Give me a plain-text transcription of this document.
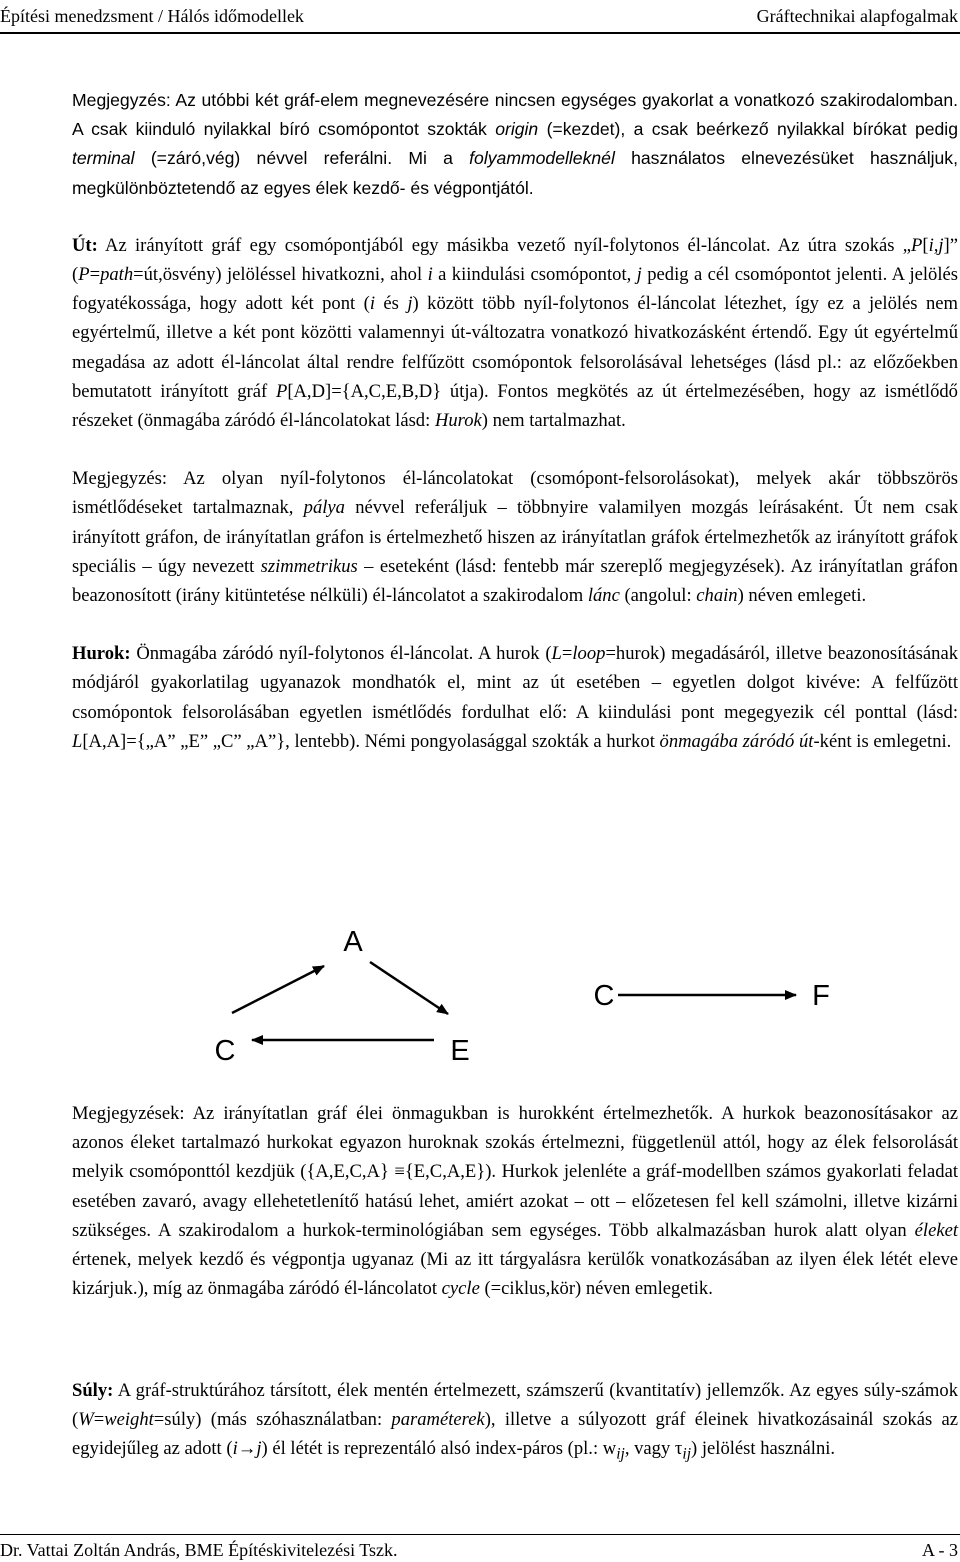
Építési menedzsment / Hálós időmodellek	Gráftechnikai alapfogalmak

Megjegyzés: Az utóbbi két gráf-elem megnevezésére nincsen egységes gyakorlat a vonatkozó szakirodalomban. A csak kiinduló nyilakkal bíró csomópontot szokták origin (=kezdet), a csak beérkező nyilakkal bírókat pedig terminal (=záró,vég) névvel referálni. Mi a folyammodelleknél használatos elnevezésüket használjuk, megkülönböztetendő az egyes élek kezdő- és végpontjától.

Út: Az irányított gráf egy csomópontjából egy másikba vezető nyíl-folytonos él-láncolat. Az útra szokás „P[i,j]” (P=path=út,ösvény) jelöléssel hivatkozni, ahol i a kiindulási csomópontot, j pedig a cél csomópontot jelenti. A jelölés fogyatékossága, hogy adott két pont (i és j) között több nyíl-folytonos él-láncolat létezhet, így ez a jelölés nem egyértelmű, illetve a két pont közötti valamennyi út-változatra vonatkozó hivatkozásként értendő. Egy út egyértelmű megadása az adott él-láncolat által rendre felfűzött csomópontok felsorolásával lehetséges (lásd pl.: az előzőekben bemutatott irányított gráf P[A,D]={A,C,E,B,D} útja). Fontos megkötés az út értelmezésében, hogy az ismétlődő részeket (önmagába záródó él-láncolatokat lásd: Hurok) nem tartalmazhat.

Megjegyzés: Az olyan nyíl-folytonos él-láncolatokat (csomópont-felsorolásokat), melyek akár többszörös ismétlődéseket tartalmaznak, pálya névvel referáljuk – többnyire valamilyen mozgás leírásaként. Út nem csak irányított gráfon, de irányítatlan gráfon is értelmezhető hiszen az irányítatlan gráfok értelmezhetők az irányított gráfok speciális – úgy nevezett szimmetrikus – eseteként (lásd: fentebb már szereplő megjegyzések). Az irányítatlan gráfon beazonosított (irány kitüntetése nélküli) él-láncolatot a szakirodalom lánc (angolul: chain) néven emlegeti.

Hurok: Önmagába záródó nyíl-folytonos él-láncolat. A hurok (L=loop=hurok) megadásáról, illetve beazonosításának módjáról gyakorlatilag ugyanazok mondhatók el, mint az út esetében – egyetlen dolgot kivéve: A felfűzött csomópontok felsorolásában egyetlen ismétlődés fordulhat elő: A kiindulási pont megegyezik cél ponttal (lásd: L[A,A]={„A” „E” „C” „A”}, lentebb). Némi pongyolasággal szokták a hurkot önmagába záródó út-ként is emlegetni.

A
C	E
C	F

Megjegyzések: Az irányítatlan gráf élei önmagukban is hurokként értelmezhetők. A hurkok beazonosításakor az azonos éleket tartalmazó hurkokat egyazon huroknak szokás értelmezni, függetlenül attól, hogy az élek felsorolását melyik csomóponttól kezdjük ({A,E,C,A} ≡{E,C,A,E}). Hurkok jelenléte a gráf-modellben számos gyakorlati feladat esetében zavaró, avagy ellehetetlenítő hatású lehet, amiért azokat – ott – előzetesen fel kell számolni, illetve kizárni szükséges. A szakirodalom a hurkok-terminológiában sem egységes. Több alkalmazásban hurok alatt olyan éleket értenek, melyek kezdő és végpontja ugyanaz (Mi az itt tárgyalásra kerülők vonatkozásában az ilyen élek létét eleve kizárjuk.), míg az önmagába záródó él-láncolatot cycle (=ciklus,kör) néven emlegetik.

Súly: A gráf-struktúrához társított, élek mentén értelmezett, számszerű (kvantitatív) jellemzők. Az egyes súly-számok (W=weight=súly) (más szóhasználatban: paraméterek), illetve a súlyozott gráf éleinek hivatkozásainál szokás az egyidejűleg az adott (i→j) él létét is reprezentáló alsó index-páros (pl.: $w_{ij}$, vagy $\tau_{ij}$) jelölést használni.

Dr. Vattai Zoltán András, BME Építéskivitelezési Tszk.	A - 3
